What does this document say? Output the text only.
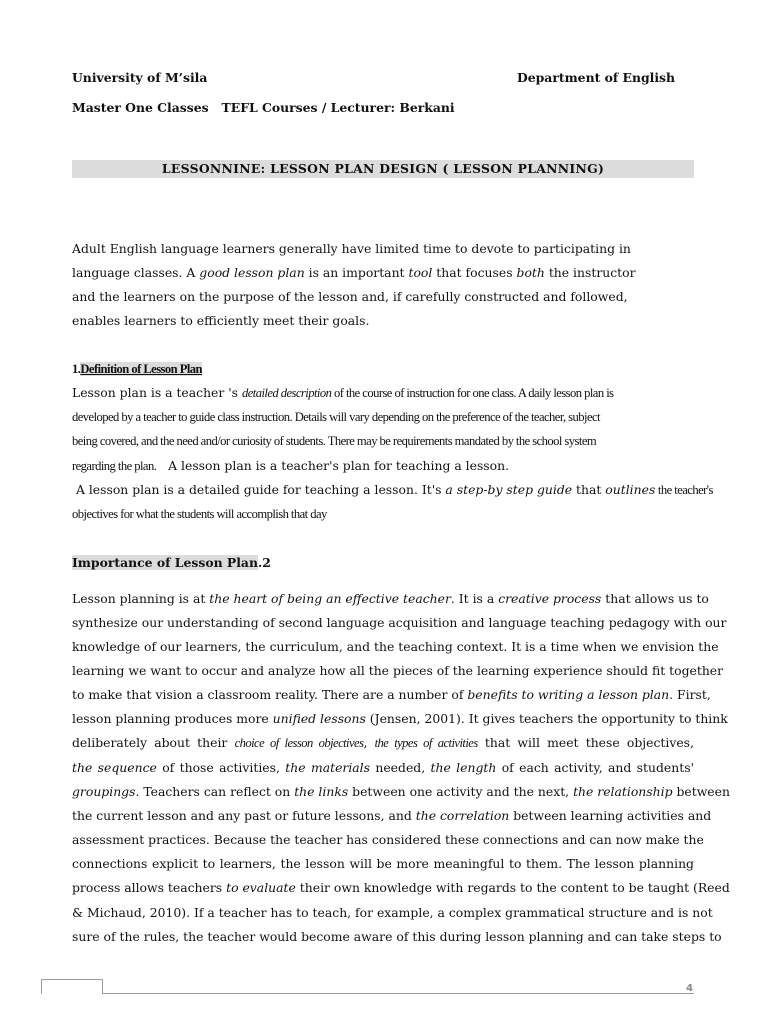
University of M’sila	Department of English
Master One Classes TEFL Courses / Lecturer: Berkani
LESSONNINE: LESSON PLAN DESIGN ( LESSON PLANNING)
Adult English language learners generally have limited time to devote to participating in
language classes. A good lesson plan is an important tool that focuses both the instructor
and the learners on the purpose of the lesson and, if carefully constructed and followed,
enables learners to efficiently meet their goals.
1.Definition of Lesson Plan
Lesson plan is a teacher 's detailed description of the course of instruction for one class. A daily lesson plan is
developed by a teacher to guide class instruction. Details will vary depending on the preference of the teacher, subject
being covered, and the need and/or curiosity of students. There may be requirements mandated by the school system
regarding the plan.   A lesson plan is a teacher's plan for teaching a lesson.
A lesson plan is a detailed guide for teaching a lesson. It's a step-by step guide that outlines the teacher's
objectives for what the students will accomplish that day
Importance of Lesson Plan.2
Lesson planning is at the heart of being an effective teacher. It is a creative process that allows us to
synthesize our understanding of second language acquisition and language teaching pedagogy with our
knowledge of our learners, the curriculum, and the teaching context. It is a time when we envision the
learning we want to occur and analyze how all the pieces of the learning experience should fit together
to make that vision a classroom reality. There are a number of benefits to writing a lesson plan. First,
lesson planning produces more unified lessons (Jensen, 2001). It gives teachers the opportunity to think
deliberately about their choice of lesson objectives, the types of activities that will meet these objectives,
the sequence of those activities, the materials needed, the length of each activity, and students'
groupings. Teachers can reflect on the links between one activity and the next, the relationship between
the current lesson and any past or future lessons, and the correlation between learning activities and
assessment practices. Because the teacher has considered these connections and can now make the
connections explicit to learners, the lesson will be more meaningful to them. The lesson planning
process allows teachers to evaluate their own knowledge with regards to the content to be taught (Reed
& Michaud, 2010). If a teacher has to teach, for example, a complex grammatical structure and is not
sure of the rules, the teacher would become aware of this during lesson planning and can take steps to
4
